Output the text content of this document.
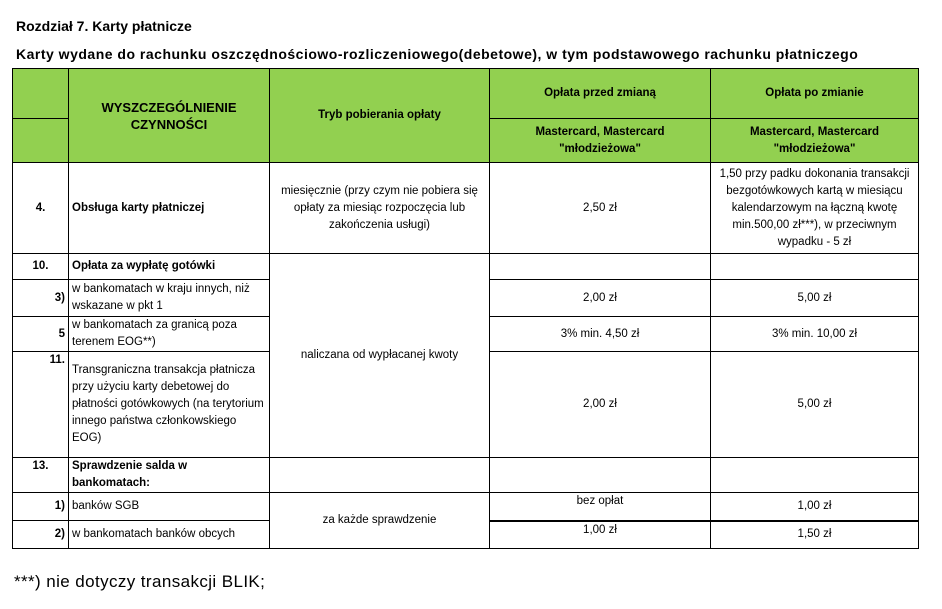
Rozdział 7. Karty płatnicze
Karty wydane do rachunku oszczędnościowo-rozliczeniowego(debetowe), w tym podstawowego rachunku płatniczego
	WYSZCZEGÓLNIENIE CZYNNOŚCI	Tryb pobierania opłaty	Opłata przed zmianą	Opłata po zmianie
			Mastercard, Mastercard "młodzieżowa"	Mastercard, Mastercard "młodzieżowa"
4.	Obsługa karty płatniczej	miesięcznie (przy czym nie pobiera się opłaty za miesiąc rozpoczęcia lub zakończenia usługi)	2,50 zł	1,50 przy padku dokonania transakcji bezgotówkowych kartą w miesiącu kalendarzowym na łączną kwotę min.500,00 zł***), w przeciwnym wypadku - 5 zł
10.	Opłata za wypłatę gotówki	naliczana od wypłacanej kwoty		
3)	w bankomatach w kraju innych, niż wskazane w pkt 1		2,00 zł	5,00 zł
5	w bankomatach za granicą poza terenem EOG**)		3% min. 4,50 zł	3% min. 10,00 zł
11.	Transgraniczna transakcja płatnicza przy użyciu karty debetowej do płatności gotówkowych (na terytorium innego państwa członkowskiego EOG)		2,00 zł	5,00 zł
13.	Sprawdzenie salda w bankomatach:			
1)	banków SGB	za każde sprawdzenie	bez opłat	1,00 zł
2)	w bankomatach banków obcych		1,00 zł	1,50 zł
***) nie dotyczy transakcji BLIK;
